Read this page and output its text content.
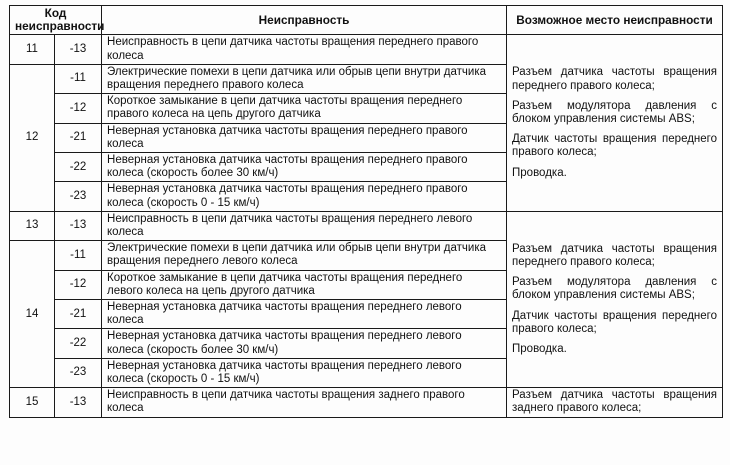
Код
неисправности		Неисправность	Возможное место неисправности
11	-13	Неисправность в цепи датчика частоты вращения переднего правого колеса	Разъем датчика частоты вращения переднего правого колеса;

Разъем модулятора давления с блоком управления системы ABS;

Датчик частоты вращения переднего правого колеса;

Проводка.

12	-11	Электрические помехи в цепи датчика или обрыв цепи внутри датчика вращения переднего правого колеса	
	-12	Короткое замыкание в цепи датчика частоты вращения переднего правого колеса на цепь другого датчика	
	-21	Неверная установка датчика частоты вращения переднего правого колеса	
	-22	Неверная установка датчика частоты вращения переднего правого колеса (скорость более 30 км/ч)	
	-23	Неверная установка датчика частоты вращения переднего правого колеса (скорость 0 - 15 км/ч)	
13	-13	Неисправность в цепи датчика частоты вращения переднего левого колеса	Разъем датчика частоты вращения переднего правого колеса;

Разъем модулятора давления с блоком управления системы ABS;

Датчик частоты вращения переднего правого колеса;

Проводка.

14	-11	Электрические помехи в цепи датчика или обрыв цепи внутри датчика вращения переднего левого колеса	
	-12	Короткое замыкание в цепи датчика частоты вращения переднего левого колеса на цепь другого датчика	
	-21	Неверная установка датчика частоты вращения переднего левого колеса	
	-22	Неверная установка датчика частоты вращения переднего левого колеса (скорость более 30 км/ч)	
	-23	Неверная установка датчика частоты вращения переднего левого колеса (скорость 0 - 15 км/ч)	
15	-13	Неисправность в цепи датчика частоты вращения заднего правого колеса	Разъем датчика частоты вращения заднего правого колеса;
